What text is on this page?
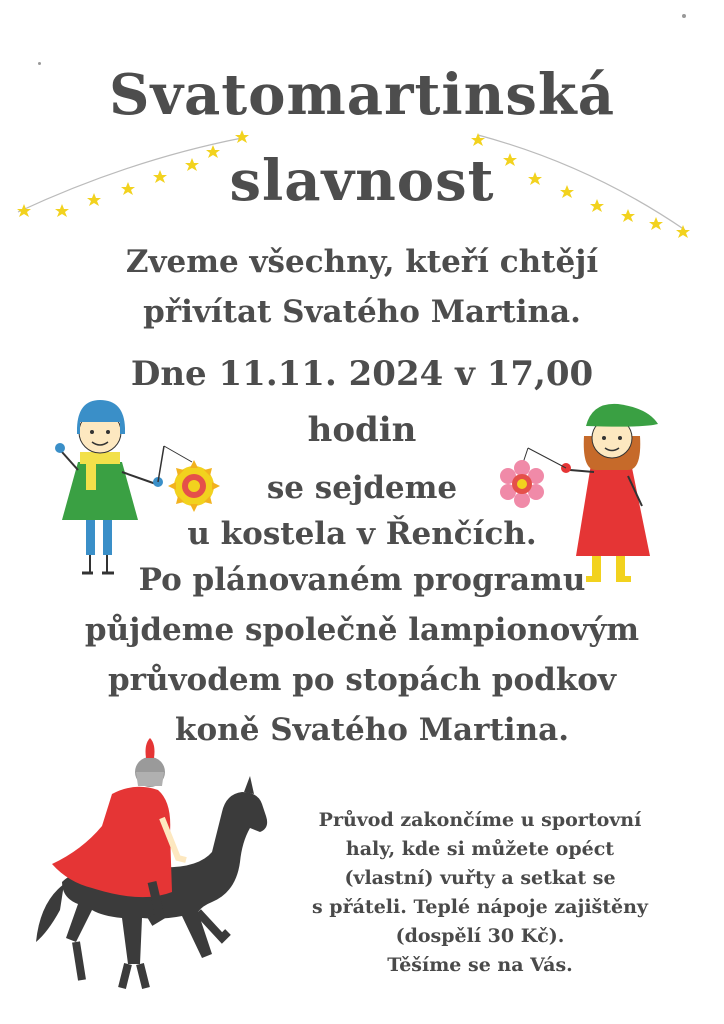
Svatomartinská
slavnost
Zveme všechny, kteří chtějí
přivítat Svatého Martina.
Dne 11.11. 2024 v 17,00
hodin
se sejdeme
u kostela v Řenčích.
Po plánovaném programu
půjdeme společně lampionovým
průvodem po stopách podkov
koně Svatého Martina.
Průvod zakončíme u sportovní
haly, kde si můžete opéct
(vlastní) vuřty a setkat se
s přáteli. Teplé nápoje zajištěny
(dospělí 30 Kč).
Těšíme se na Vás.
